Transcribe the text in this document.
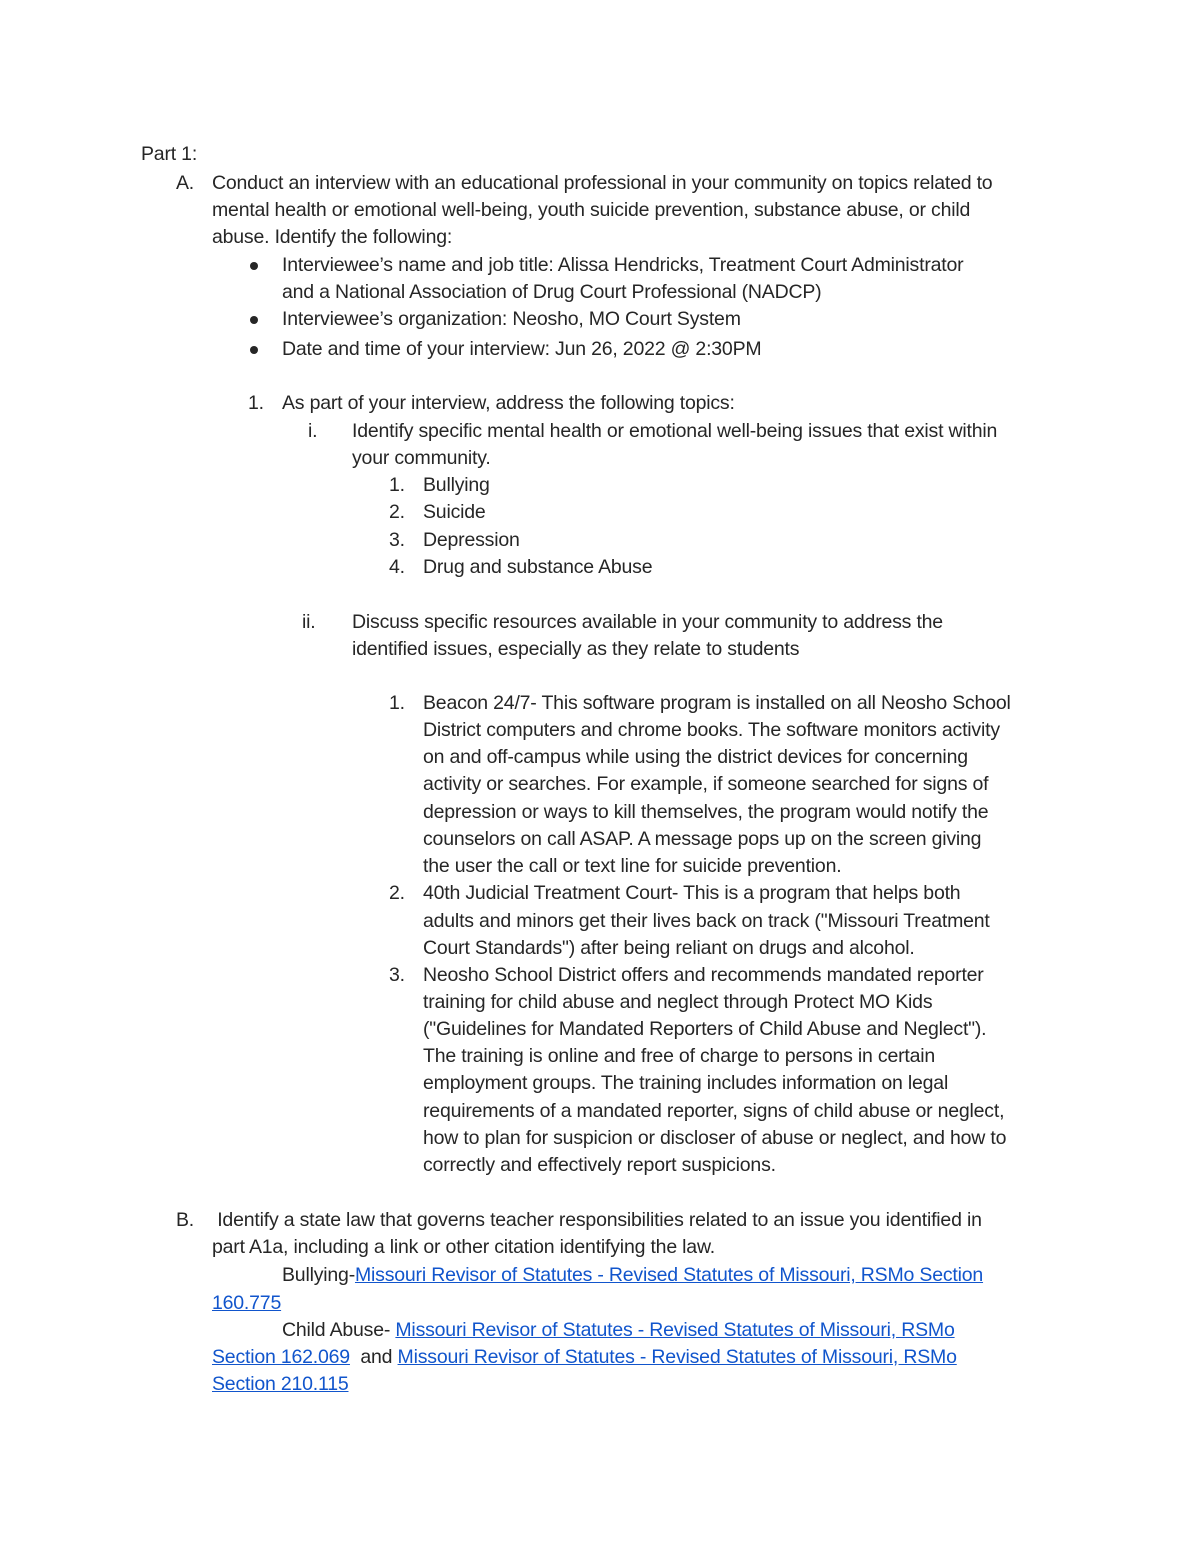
Part 1:
A. Conduct an interview with an educational professional in your community on topics related to
mental health or emotional well-being, youth suicide prevention, substance abuse, or child
abuse. Identify the following:
Interviewee’s name and job title: Alissa Hendricks, Treatment Court Administrator
and a National Association of Drug Court Professional (NADCP)
Interviewee’s organization: Neosho, MO Court System
Date and time of your interview: Jun 26, 2022 @ 2:30PM
1. As part of your interview, address the following topics:
i. Identify specific mental health or emotional well-being issues that exist within
your community.
1. Bullying
2. Suicide
3. Depression
4. Drug and substance Abuse
ii. Discuss specific resources available in your community to address the
identified issues, especially as they relate to students
1. Beacon 24/7- This software program is installed on all Neosho School
District computers and chrome books. The software monitors activity
on and off-campus while using the district devices for concerning
activity or searches. For example, if someone searched for signs of
depression or ways to kill themselves, the program would notify the
counselors on call ASAP. A message pops up on the screen giving
the user the call or text line for suicide prevention.
2. 40th Judicial Treatment Court- This is a program that helps both
adults and minors get their lives back on track ("Missouri Treatment
Court Standards") after being reliant on drugs and alcohol.
3. Neosho School District offers and recommends mandated reporter
training for child abuse and neglect through Protect MO Kids
("Guidelines for Mandated Reporters of Child Abuse and Neglect").
The training is online and free of charge to persons in certain
employment groups. The training includes information on legal
requirements of a mandated reporter, signs of child abuse or neglect,
how to plan for suspicion or discloser of abuse or neglect, and how to
correctly and effectively report suspicions.
B. Identify a state law that governs teacher responsibilities related to an issue you identified in
part A1a, including a link or other citation identifying the law.
Bullying-Missouri Revisor of Statutes - Revised Statutes of Missouri, RSMo Section
160.775
Child Abuse- Missouri Revisor of Statutes - Revised Statutes of Missouri, RSMo
Section 162.069  and Missouri Revisor of Statutes - Revised Statutes of Missouri, RSMo
Section 210.115
